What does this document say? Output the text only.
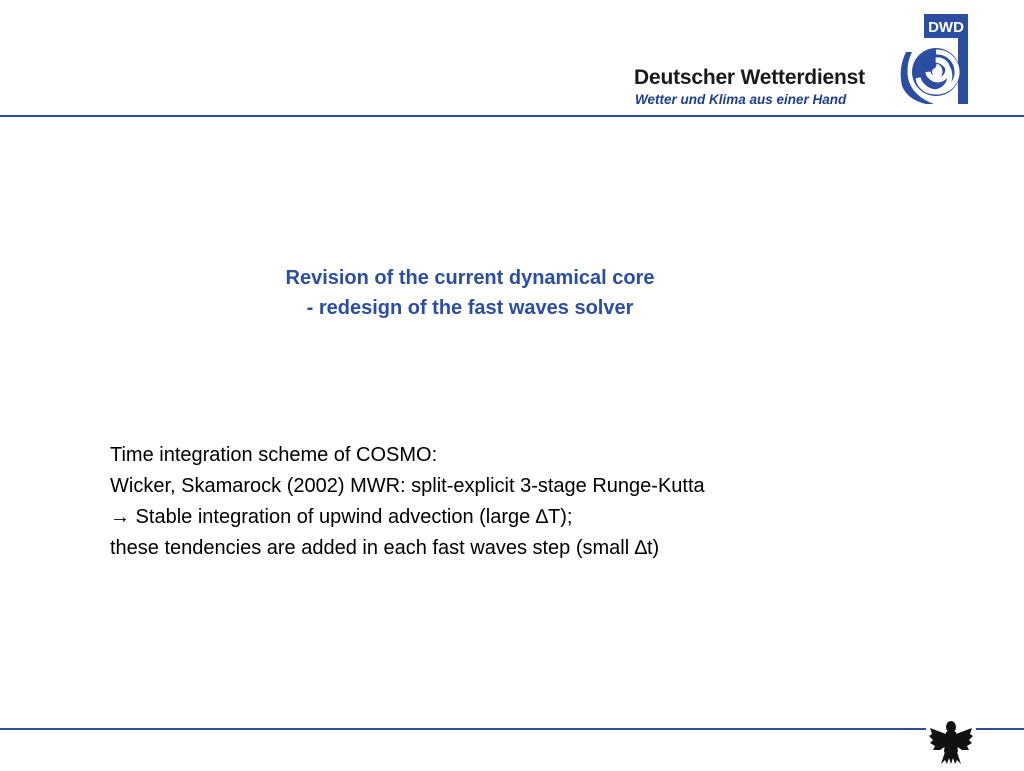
Deutscher Wetterdienst
Wetter und Klima aus einer Hand
DWD
Revision of the current dynamical core
- redesign of the fast waves solver
Time integration scheme of COSMO:
Wicker, Skamarock (2002) MWR: split-explicit 3-stage Runge-Kutta
→ Stable integration of upwind advection (large ∆T);
these tendencies are added in each fast waves step (small ∆t)
